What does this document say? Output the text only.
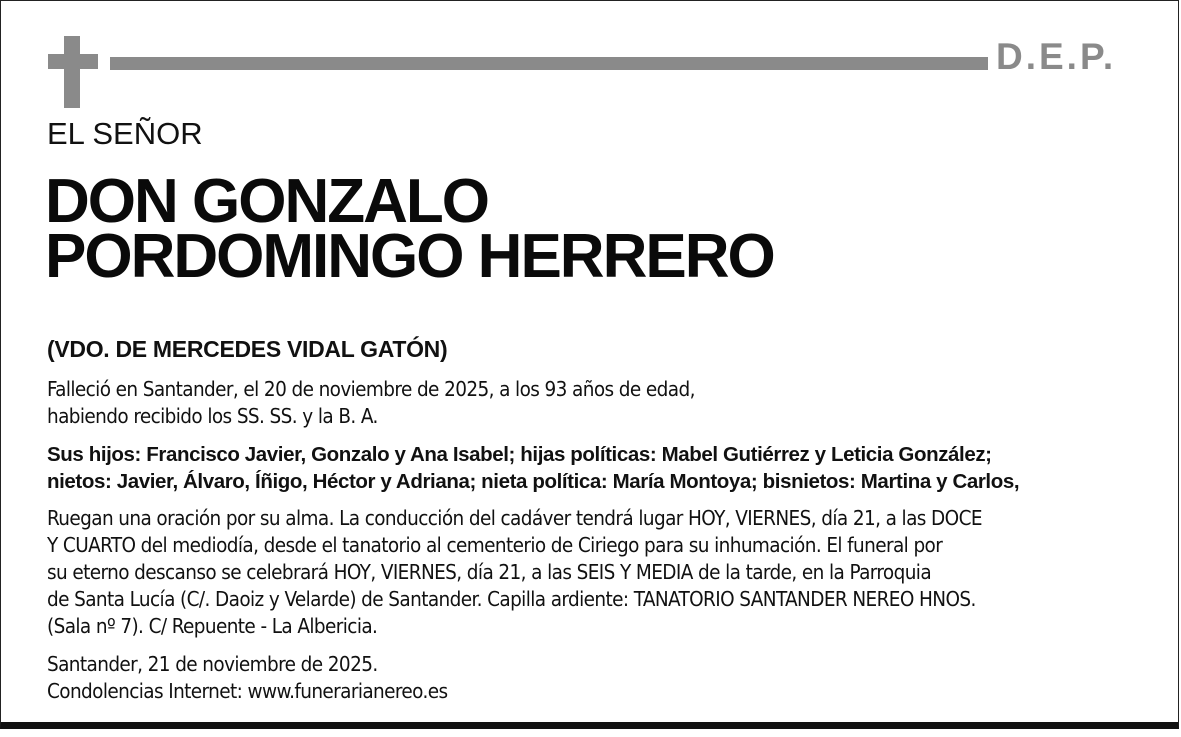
D.E.P.
EL SEÑOR
DON GONZALO
PORDOMINGO HERRERO
(VDO. DE MERCEDES VIDAL GATÓN)
Falleció en Santander, el 20 de noviembre de 2025, a los 93 años de edad,
habiendo recibido los SS. SS. y la B. A.
Sus hijos: Francisco Javier, Gonzalo y Ana Isabel; hijas políticas: Mabel Gutiérrez y Leticia González;
nietos: Javier, Álvaro, Íñigo, Héctor y Adriana; nieta política: María Montoya; bisnietos: Martina y Carlos,
Ruegan una oración por su alma. La conducción del cadáver tendrá lugar HOY, VIERNES, día 21, a las DOCE
Y CUARTO del mediodía, desde el tanatorio al cementerio de Ciriego para su inhumación. El funeral por
su eterno descanso se celebrará HOY, VIERNES, día 21, a las SEIS Y MEDIA de la tarde, en la Parroquia
de Santa Lucía (C/. Daoiz y Velarde) de Santander. Capilla ardiente: TANATORIO SANTANDER NEREO HNOS.
(Sala nº 7). C/ Repuente - La Albericia.
Santander, 21 de noviembre de 2025.
Condolencias Internet: www.funerarianereo.es
